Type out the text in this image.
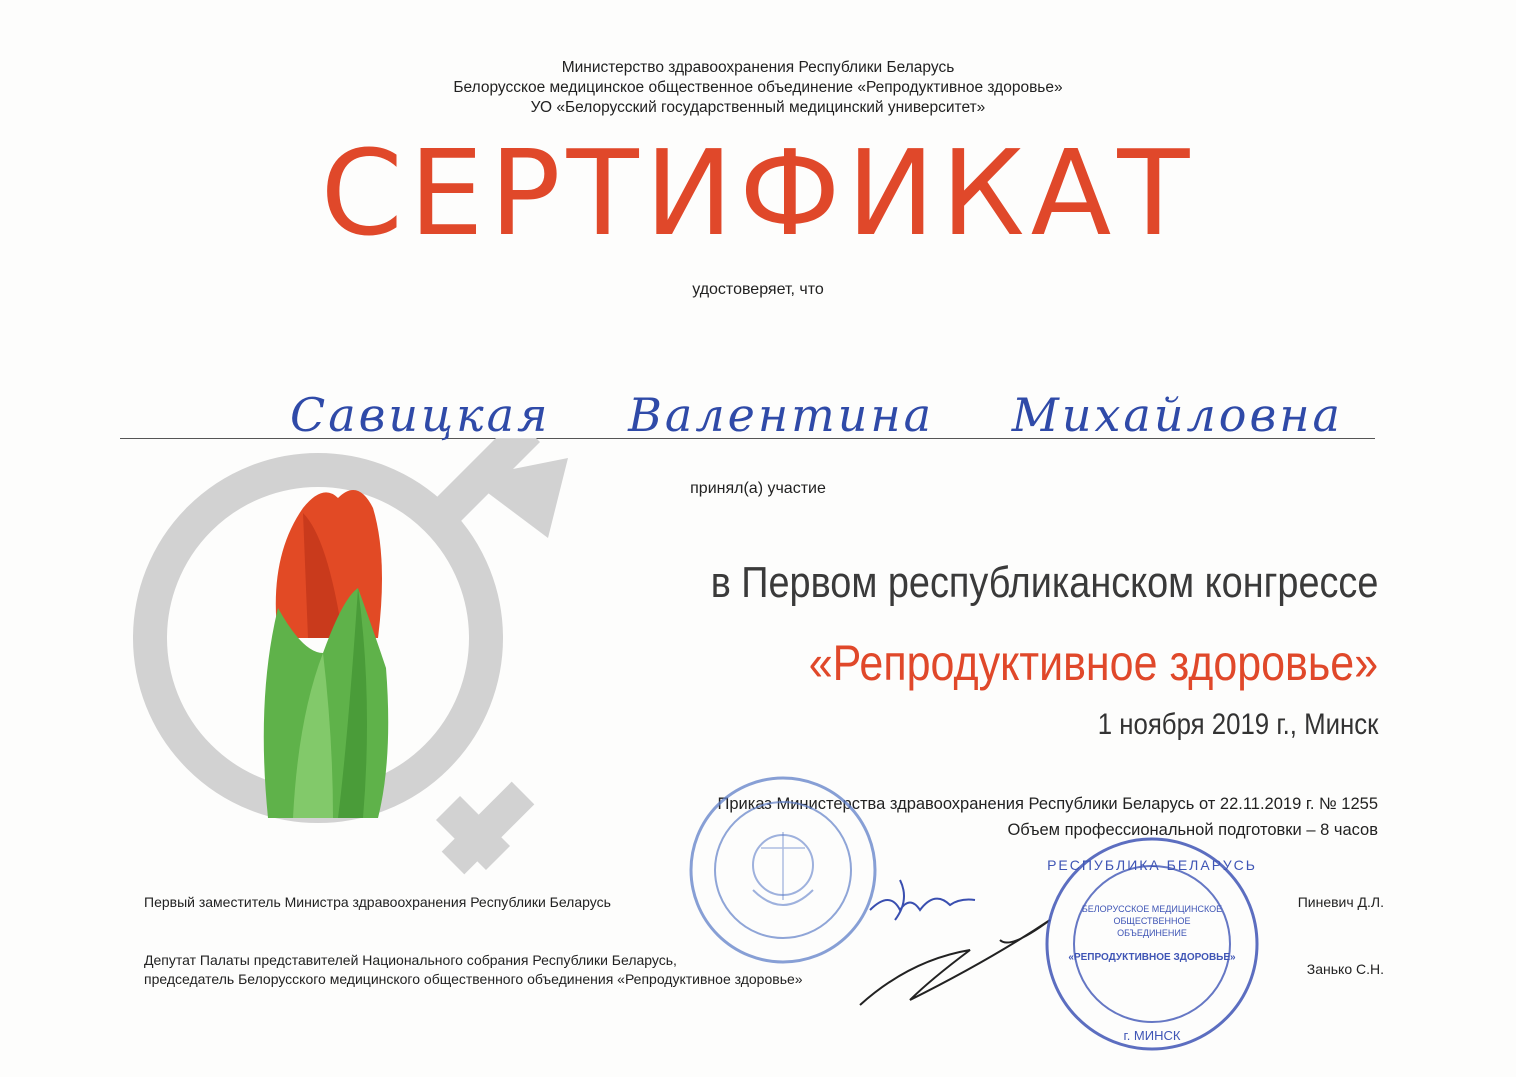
Министерство здравоохранения Республики Беларусь
Белорусское медицинское общественное объединение «Репродуктивное здоровье»
УО «Белорусский государственный медицинский университет»
СЕРТИФИКАТ
удостоверяет, что
Савицкая Валентина Михайловна
принял(а) участие
в Первом республиканском конгрессе
«Репродуктивное здоровье»
1 ноября 2019 г., Минск
Приказ Министерства здравоохранения Республики Беларусь от 22.11.2019 г. № 1255
Объем профессиональной подготовки – 8 часов
Первый заместитель Министра здравоохранения Республики Беларусь	Пиневич Д.Л.
Депутат Палаты представителей Национального собрания Республики Беларусь,
председатель Белорусского медицинского общественного объединения «Репродуктивное здоровье»
Занько С.Н.
РЕСПУБЛИКА БЕЛАРУСЬ
г. МИНСК
БЕЛОРУССКОЕ МЕДИЦИНСКОЕ
ОБЩЕСТВЕННОЕ
ОБЪЕДИНЕНИЕ
«РЕПРОДУКТИВНОЕ ЗДОРОВЬЕ»
